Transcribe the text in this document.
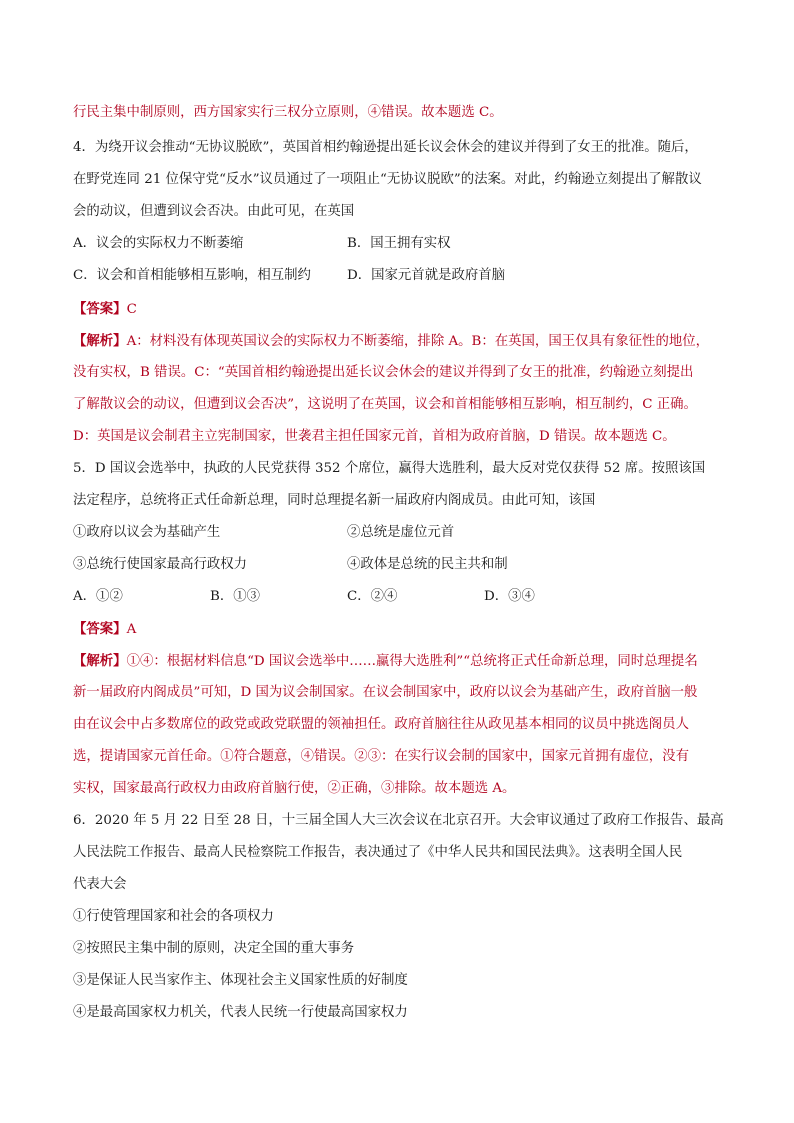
行民主集中制原则，西方国家实行三权分立原则，④错误。故本题选 C。
4．为绕开议会推动“无协议脱欧”，英国首相约翰逊提出延长议会休会的建议并得到了女王的批准。随后，
在野党连同 21 位保守党“反水”议员通过了一项阻止“无协议脱欧”的法案。对此，约翰逊立刻提出了解散议
会的动议，但遭到议会否决。由此可见，在英国
A．议会的实际权力不断萎缩	B．国王拥有实权
C．议会和首相能够相互影响，相互制约	D．国家元首就是政府首脑
【答案】C
【解析】A：材料没有体现英国议会的实际权力不断萎缩，排除 A。B：在英国，国王仅具有象征性的地位，
没有实权，B 错误。C：“英国首相约翰逊提出延长议会休会的建议并得到了女王的批准，约翰逊立刻提出
了解散议会的动议，但遭到议会否决”，这说明了在英国，议会和首相能够相互影响，相互制约，C 正确。
D：英国是议会制君主立宪制国家，世袭君主担任国家元首，首相为政府首脑，D 错误。故本题选 C。
5．D 国议会选举中，执政的人民党获得 352 个席位，赢得大选胜利，最大反对党仅获得 52 席。按照该国
法定程序，总统将正式任命新总理，同时总理提名新一届政府内阁成员。由此可知，该国
①政府以议会为基础产生	②总统是虚位元首
③总统行使国家最高行政权力	④政体是总统的民主共和制
A．①②	B．①③	C．②④	D．③④
【答案】A
【解析】①④：根据材料信息“D 国议会选举中……赢得大选胜利”“总统将正式任命新总理，同时总理提名
新一届政府内阁成员”可知，D 国为议会制国家。在议会制国家中，政府以议会为基础产生，政府首脑一般
由在议会中占多数席位的政党或政党联盟的领袖担任。政府首脑往往从政见基本相同的议员中挑选阁员人
选，提请国家元首任命。①符合题意，④错误。②③：在实行议会制的国家中，国家元首拥有虚位，没有
实权，国家最高行政权力由政府首脑行使，②正确，③排除。故本题选 A。
6．2020 年 5 月 22 日至 28 日，十三届全国人大三次会议在北京召开。大会审议通过了政府工作报告、最高
人民法院工作报告、最高人民检察院工作报告，表决通过了《中华人民共和国民法典》。这表明全国人民
代表大会
①行使管理国家和社会的各项权力
②按照民主集中制的原则，决定全国的重大事务
③是保证人民当家作主、体现社会主义国家性质的好制度
④是最高国家权力机关，代表人民统一行使最高国家权力
